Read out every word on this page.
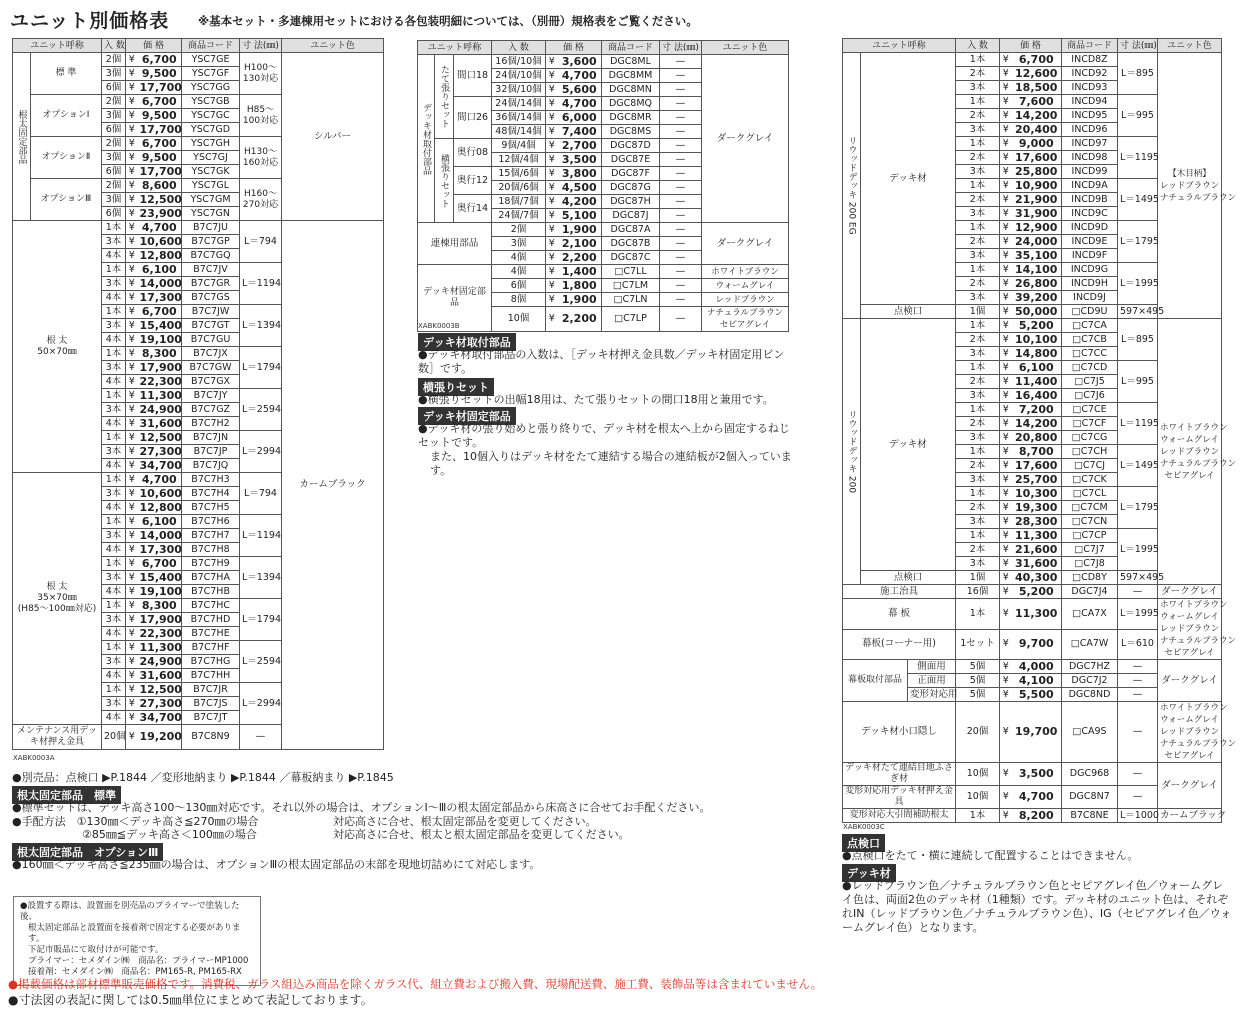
ユニット別価格表	※基本セット・多連棟用セットにおける各包装明細については、（別冊）規格表をご覧ください。
ユニット呼称		入 数	価 格		商品コード	寸 法(㎜)	ユニット色
根太固定部品	標 準	2個	¥	6,700	YSC7GE	H100〜130対応	シルバー
		3個	¥	9,500	YSC7GF		
		6個	¥	17,700	YSC7GG		
	オプションⅠ	2個	¥	6,700	YSC7GB	H85〜100対応	
		3個	¥	9,500	YSC7GC		
		6個	¥	17,700	YSC7GD		
	オプションⅡ	2個	¥	6,700	YSC7GH	H130〜160対応	
		3個	¥	9,500	YSC7GJ		
		6個	¥	17,700	YSC7GK		
	オプションⅢ	2個	¥	8,600	YSC7GL	H160〜270対応	
		3個	¥	12,500	YSC7GM		
		6個	¥	23,900	YSC7GN		

根 太
50×70㎜		1本	¥	4,700	B7C7JU	L＝794	カームブラック
		3本	¥	10,600	B7C7GP		
		4本	¥	12,800	B7C7GQ		
		1本	¥	6,100	B7C7JV	L＝1194	
		3本	¥	14,000	B7C7GR		
		4本	¥	17,300	B7C7GS		
		1本	¥	6,700	B7C7JW	L＝1394	
		3本	¥	15,400	B7C7GT		
		4本	¥	19,100	B7C7GU		
		1本	¥	8,300	B7C7JX	L＝1794	
		3本	¥	17,900	B7C7GW		
		4本	¥	22,300	B7C7GX		
		1本	¥	11,300	B7C7JY	L＝2594	
		3本	¥	24,900	B7C7GZ		
		4本	¥	31,600	B7C7H2		
		1本	¥	12,500	B7C7JN	L＝2994	
		3本	¥	27,300	B7C7JP		
		4本	¥	34,700	B7C7JQ		

根 太
35×70㎜
(H85〜100㎜対応)		1本	¥	4,700	B7C7H3	L＝794	
		3本	¥	10,600	B7C7H4		
		4本	¥	12,800	B7C7H5		
		1本	¥	6,100	B7C7H6	L＝1194	
		3本	¥	14,000	B7C7H7		
		4本	¥	17,300	B7C7H8		
		1本	¥	6,700	B7C7H9	L＝1394	
		3本	¥	15,400	B7C7HA		
		4本	¥	19,100	B7C7HB		
		1本	¥	8,300	B7C7HC	L＝1794	
		3本	¥	17,900	B7C7HD		
		4本	¥	22,300	B7C7HE		
		1本	¥	11,300	B7C7HF	L＝2594	
		3本	¥	24,900	B7C7HG		
		4本	¥	31,600	B7C7HH		
		1本	¥	12,500	B7C7JR	L＝2994	
		3本	¥	27,300	B7C7JS		
		4本	¥	34,700	B7C7JT		
メンテナンス用デッキ材押え金具		20個	¥	19,200	B7C8N9	—	
XABK0003A
ユニット呼称			入 数	価 格		商品コード	寸 法(㎜)	ユニット色
デッキ材取付部品	たて張りセット	間口18	16個/10個	¥	3,600	DGC8ML	—	ダークグレイ
			24個/10個	¥	4,700	DGC8MM	—	
			32個/10個	¥	5,600	DGC8MN	—	
		間口26	24個/14個	¥	4,700	DGC8MQ	—	
			36個/14個	¥	6,000	DGC8MR	—	
			48個/14個	¥	7,400	DGC8MS	—	
	横張りセット	奥行08	9個/4個	¥	2,700	DGC87D	—	
			12個/4個	¥	3,500	DGC87E	—	
		奥行12	15個/6個	¥	3,800	DGC87F	—	
			20個/6個	¥	4,500	DGC87G	—	
		奥行14	18個/7個	¥	4,200	DGC87H	—	
			24個/7個	¥	5,100	DGC87J	—	
連棟用部品			2個	¥	1,900	DGC87A	—	ダークグレイ
			3個	¥	2,100	DGC87B	—	
			4個	¥	2,200	DGC87C	—	
デッキ材固定部品			4個	¥	1,400	□C7LL	—	ホワイトブラウン
			6個	¥	1,800	□C7LM	—	ウォームグレイ
			8個	¥	1,900	□C7LN	—	レッドブラウン
			10個	¥	2,200	□C7LP	—	ナチュラルブラウン
セピアグレイ
XABK0003B
デッキ材取付部品
●デッキ材取付部品の入数は、［デッキ材押え金具数／デッキ材固定用ビン数］です。
横張りセット
●横張りセットの出幅18用は、たて張りセットの間口18用と兼用です。
デッキ材固定部品
●デッキ材の張り始めと張り終りで、デッキ材を根太へ上から固定するねじセットです。
また、10個入りはデッキ材をたて連結する場合の連結板が2個入っています。
ユニット呼称			入 数	価 格		商品コード	寸 法(㎜)	ユニット色	
リウッドデッキ 200 EG	デッキ材		1本	¥	6,700	INCD8Z	L＝895	【木目柄】
レッドブラウン
ナチュラルブラウン	

			2本	¥	12,600	INCD92			
			3本	¥	18,500	INCD93			
			1本	¥	7,600	INCD94	L＝995		
			2本	¥	14,200	INCD95			
			3本	¥	20,400	INCD96			
			1本	¥	9,000	INCD97	L＝1195		
			2本	¥	17,600	INCD98			
			3本	¥	25,800	INCD99			
			1本	¥	10,900	INCD9A	L＝1495		
			2本	¥	21,900	INCD9B			
			3本	¥	31,900	INCD9C			
			1本	¥	12,900	INCD9D	L＝1795		
			2本	¥	24,000	INCD9E			
			3本	¥	35,100	INCD9F			
			1本	¥	14,100	INCD9G	L＝1995		
			2本	¥	26,800	INCD9H			
			3本	¥	39,200	INCD9J			
	点検口		1個	¥	50,000	□CD9U	597×495		
リウッドデッキ 200	デッキ材		1本	¥	5,200	□C7CA	L＝895	ホワイトブラウン
ウォームグレイ
レッドブラウン
ナチュラルブラウン
セピアグレイ	

			2本	¥	10,100	□C7CB			
			3本	¥	14,800	□C7CC			
			1本	¥	6,100	□C7CD	L＝995		
			2本	¥	11,400	□C7J5			
			3本	¥	16,400	□C7J6			
			1本	¥	7,200	□C7CE	L＝1195		
			2本	¥	14,200	□C7CF			
			3本	¥	20,800	□C7CG			
			1本	¥	8,700	□C7CH	L＝1495		
			2本	¥	17,600	□C7CJ			
			3本	¥	25,700	□C7CK			
			1本	¥	10,300	□C7CL	L＝1795		
			2本	¥	19,300	□C7CM			
			3本	¥	28,300	□C7CN			
			1本	¥	11,300	□C7CP	L＝1995		
			2本	¥	21,600	□C7J7			
			3本	¥	31,600	□C7J8			
	点検口		1個	¥	40,300	□CD8Y	597×495		
施工治具			16個	¥	5,200	DGC7J4	—	ダークグレイ	
幕 板			1本	¥	11,300	□CA7X	L＝1995	ホワイトブラウン
ウォームグレイ
レッドブラウン
ナチュラルブラウン
セピアグレイ	

幕板(コーナー用)			1セット	¥	9,700	□CA7W	L＝610		
幕板取付部品		側面用	5個	¥	4,000	DGC7HZ	—	ダークグレイ	
		正面用	5個	¥	4,100	DGC7J2	—		
		変形対応用	5個	¥	5,500	DGC8ND	—		
デッキ材小口隠し			20個	¥	19,700	□CA9S	—	ホワイトブラウン
ウォームグレイ
レッドブラウン
ナチュラルブラウン
セピアグレイ	

デッキ材たて連結目地ふさぎ材			10個	¥	3,500	DGC968	—	ダークグレイ	
変形対応用デッキ材押え金具			10個	¥	4,700	DGC8N7	—		
変形対応大引間補助根太			1本	¥	8,200	B7C8NE	L＝1000	カームブラック	
XABK0003C
点検口
●点検口をたて・横に連続して配置することはできません。
デッキ材
●レッドブラウン色／ナチュラルブラウン色とセピアグレイ色／ウォームグレイ色は、両面2色のデッキ材（1種類）です。デッキ材のユニット色は、それぞれIN（レッドブラウン色／ナチュラルブラウン色）、IG（セピアグレイ色／ウォームグレイ色）となります。
●別売品：点検口 ▶P.1844 ／変形地納まり ▶P.1844 ／幕板納まり ▶P.1845
根太固定部品　標準
●標準セットは、デッキ高さ100〜130㎜対応です。それ以外の場合は、オプションⅠ〜Ⅲの根太固定部品から床高さに合せてお手配ください。
●手配方法　①130㎜＜デッキ高さ≦270㎜の場合	対応高さに合せ、根太固定部品を変更してください。
②85㎜≦デッキ高さ＜100㎜の場合	対応高さに合せ、根太と根太固定部品を変更してください。
根太固定部品　オプションⅢ
●160㎜＜デッキ高さ≦235㎜の場合は、オプションⅢの根太固定部品の末部を現地切詰めにて対応します。
●設置する際は、設置面を別売品のプライマーで塗装した後、
根太固定部品と設置面を接着剤で固定する必要があります。
下記市販品にて取付けが可能です。
プライマー：セメダイン㈱　商品名：プライマーMP1000
接着剤：セメダイン㈱　商品名：PM165-R, PM165-RX
●掲載価格は部材標準販売価格です。消費税、ガラス組込み商品を除くガラス代、組立費および搬入費、現場配送費、施工費、装飾品等は含まれていません。
●寸法図の表記に関しては0.5㎜単位にまとめて表記しております。
